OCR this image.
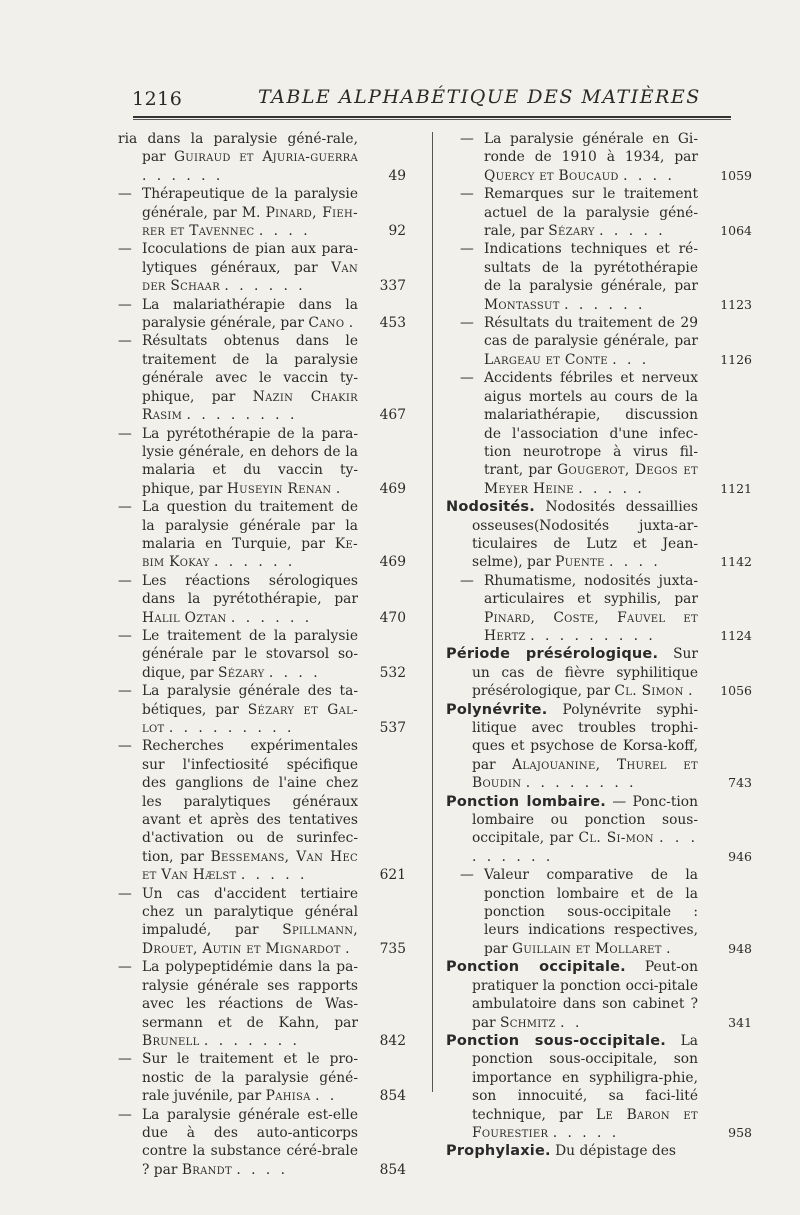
1216	TABLE ALPHABÉTIQUE DES MATIÈRES
ria dans la paralysie géné-rale, par Guiraud et Ajuria-guerra . . . . . .	49
— Thérapeutique de la paralysie générale, par M. Pinard, Fieh-rer et Tavennec . . . .	92
— Icoculations de pian aux para-lytiques généraux, par Van der Schaar . . . . . .	337
— La malariathérapie dans la paralysie générale, par Cano . 453
— Résultats obtenus dans le traitement de la paralysie générale avec le vaccin ty-phique, par Nazin Chakir Rasim . . . . . . . .	467
— La pyrétothérapie de la para-lysie générale, en dehors de la malaria et du vaccin ty-phique, par Huseyin Renan .	469
— La question du traitement de la paralysie générale par la malaria en Turquie, par Ke-bim Kokay . . . . . .	469
— Les réactions sérologiques dans la pyrétothérapie, par Halil Oztan . . . . . .	470
— Le traitement de la paralysie générale par le stovarsol so-dique, par Sézary . . . .	532
— La paralysie générale des ta-bétiques, par Sézary et Gal-lot . . . . . . . . .	537
— Recherches expérimentales sur l'infectiosité spécifique des ganglions de l'aine chez les paralytiques généraux avant et après des tentatives d'activation ou de surinfec-tion, par Bessemans, Van Hec et Van Hælst . . . . .	621
— Un cas d'accident tertiaire chez un paralytique général impaludé, par Spillmann, Drouet, Autin et Mignardot . 735
— La polypeptidémie dans la pa-ralysie générale ses rapports avec les réactions de Was-sermann et de Kahn, par Brunell . . . . . . .	842
— Sur le traitement et le pro-nostic de la paralysie géné-rale juvénile, par Pahisa . .	854
— La paralysie générale est-elle due à des auto-anticorps contre la substance céré-brale ? par Brandt . . . .	854
— La paralysie générale en Gi-ronde de 1910 à 1934, par Quercy et Boucaud . . . .	1059
— Remarques sur le traitement actuel de la paralysie géné-rale, par Sézary . . . . .	1064
— Indications techniques et ré-sultats de la pyrétothérapie de la paralysie générale, par Montassut . . . . . .	1123
— Résultats du traitement de 29 cas de paralysie générale, par Largeau et Conte . . .	1126
— Accidents fébriles et nerveux aigus mortels au cours de la malariathérapie, discussion de l'association d'une infec-tion neurotrope à virus fil-trant, par Gougerot, Degos et Meyer Heine . . . . .	1121
Nodosités. Nodosités dessaillies osseuses(Nodosités juxta-ar-ticulaires de Lutz et Jean-selme), par Puente . . . .	1142
— Rhumatisme, nodosités juxta-articulaires et syphilis, par Pinard, Coste, Fauvel et Hertz . . . . . . . . .	1124
Période présérologique. Sur un cas de fièvre syphilitique présérologique, par Cl. Simon . 1056
Polynévrite. Polynévrite syphi-litique avec troubles trophi-ques et psychose de Korsa-koff, par Alajouanine, Thurel et Boudin . . . . . . . .	743
Ponction lombaire. — Ponc-tion lombaire ou ponction sous-occipitale, par Cl. Si-mon . . . . . . . . .	946
— Valeur comparative de la ponction lombaire et de la ponction sous-occipitale : leurs indications respectives, par Guillain et Mollaret .	948
Ponction occipitale. Peut-on pratiquer la ponction occi-pitale ambulatoire dans son cabinet ? par Schmitz . .	341
Ponction sous-occipitale. La ponction sous-occipitale, son importance en syphiligra-phie, son innocuité, sa faci-lité technique, par Le Baron et Fourestier . . . . .	958
Prophylaxie. Du dépistage des
